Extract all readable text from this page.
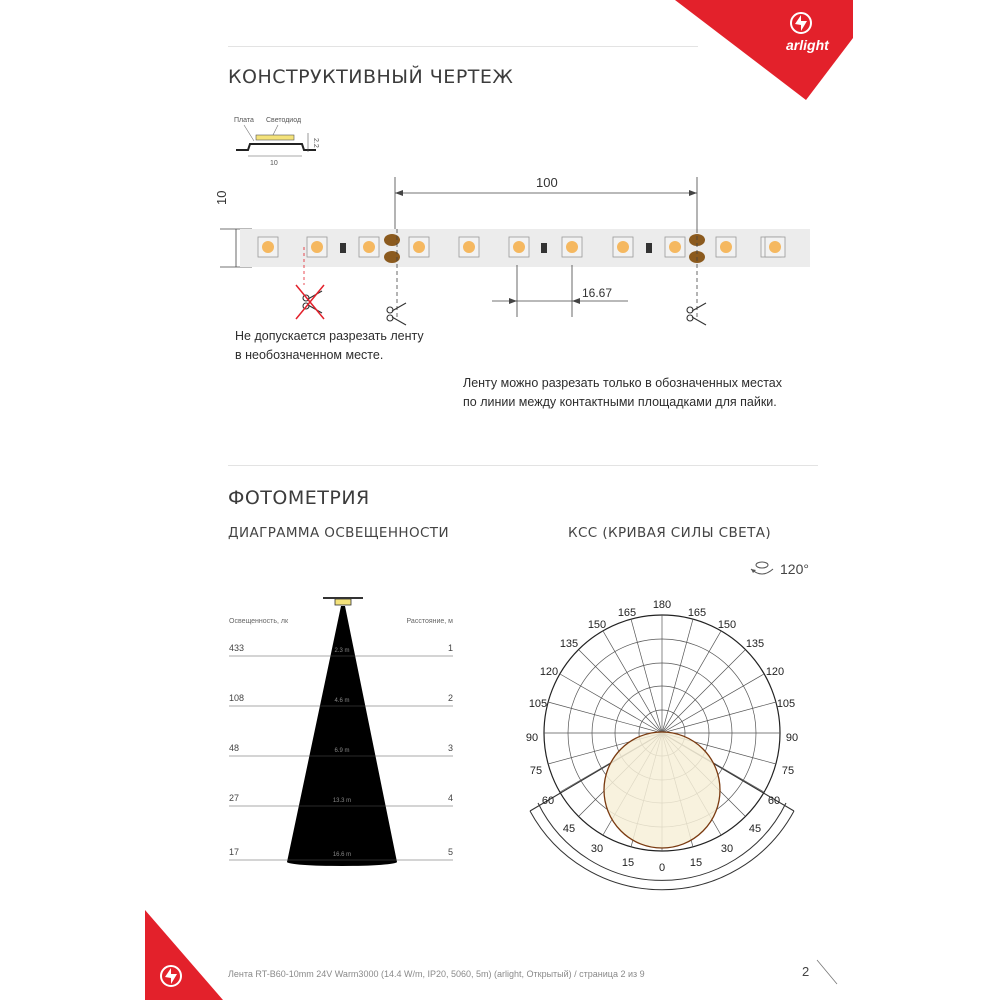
arlight
КОНСТРУКТИВНЫЙ ЧЕРТЕЖ
Плата Светодиод
10
2.2
10
100
16.67
Не допускается разрезать ленту
в необозначенном месте.
Ленту можно разрезать только в обозначенных местах
по линии между контактными площадками для пайки.
ФОТОМЕТРИЯ
ДИАГРАММА ОСВЕЩЕННОСТИ	КСС (КРИВАЯ СИЛЫ СВЕТА)
Освещенность, лк	Расстояние, м
433	1
2.3 m
108	2
4.6 m
48	3
6.9 m
27	4
13.3 m
17	5
16.6 m
120°
180
165	165
150	150
135	135
120	120
105	105
90	90
75	75
60	60
45	45
30	30
15	15
0
Лента RT-B60-10mm 24V Warm3000 (14.4 W/m, IP20, 5060, 5m) (arlight, Открытый) / страница 2 из 9	2
